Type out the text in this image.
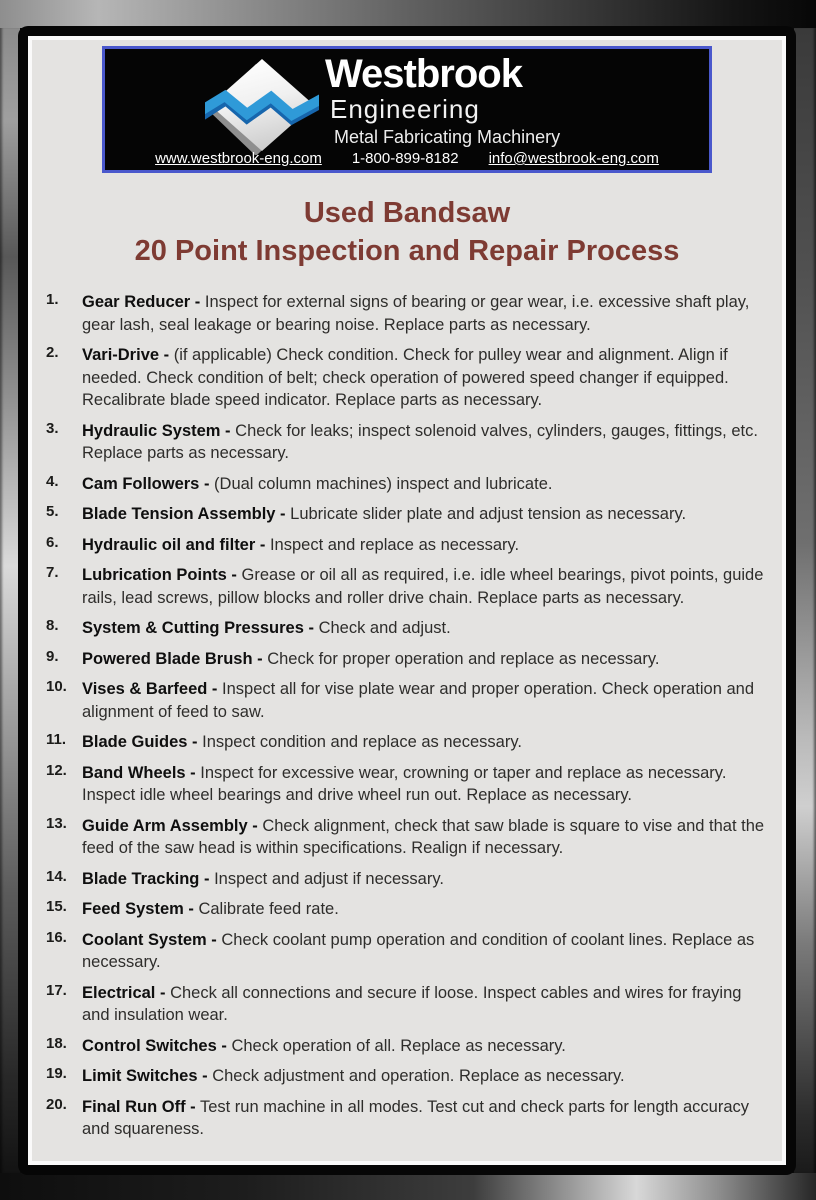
Westbrook
Engineering
Metal Fabricating Machinery
www.westbrook-eng.com 1-800-899-8182 info@westbrook-eng.com
Used Bandsaw
20 Point Inspection and Repair Process
1.	Gear Reducer - Inspect for external signs of bearing or gear wear, i.e. excessive shaft play, gear lash, seal leakage or bearing noise. Replace parts as necessary.
2.	Vari-Drive - (if applicable) Check condition. Check for pulley wear and alignment. Align if needed. Check condition of belt; check operation of powered speed changer if equipped. Recalibrate blade speed indicator. Replace parts as necessary.
3.	Hydraulic System - Check for leaks; inspect solenoid valves, cylinders, gauges, fittings, etc. Replace parts as necessary.
4.	Cam Followers - (Dual column machines) inspect and lubricate.
5.	Blade Tension Assembly - Lubricate slider plate and adjust tension as necessary.
6.	Hydraulic oil and filter - Inspect and replace as necessary.
7.	Lubrication Points - Grease or oil all as required, i.e. idle wheel bearings, pivot points, guide rails, lead screws, pillow blocks and roller drive chain. Replace parts as necessary.
8.	System & Cutting Pressures - Check and adjust.
9.	Powered Blade Brush - Check for proper operation and replace as necessary.
10. Vises & Barfeed - Inspect all for vise plate wear and proper operation. Check operation and alignment of feed to saw.
11. Blade Guides - Inspect condition and replace as necessary.
12. Band Wheels - Inspect for excessive wear, crowning or taper and replace as necessary. Inspect idle wheel bearings and drive wheel run out. Replace as necessary.
13. Guide Arm Assembly - Check alignment, check that saw blade is square to vise and that the feed of the saw head is within specifications. Realign if necessary.
14. Blade Tracking - Inspect and adjust if necessary.
15. Feed System - Calibrate feed rate.
16. Coolant System - Check coolant pump operation and condition of coolant lines. Replace as necessary.
17. Electrical - Check all connections and secure if loose. Inspect cables and wires for fraying and insulation wear.
18. Control Switches - Check operation of all. Replace as necessary.
19. Limit Switches - Check adjustment and operation. Replace as necessary.
20. Final Run Off - Test run machine in all modes. Test cut and check parts for length accuracy and squareness.
